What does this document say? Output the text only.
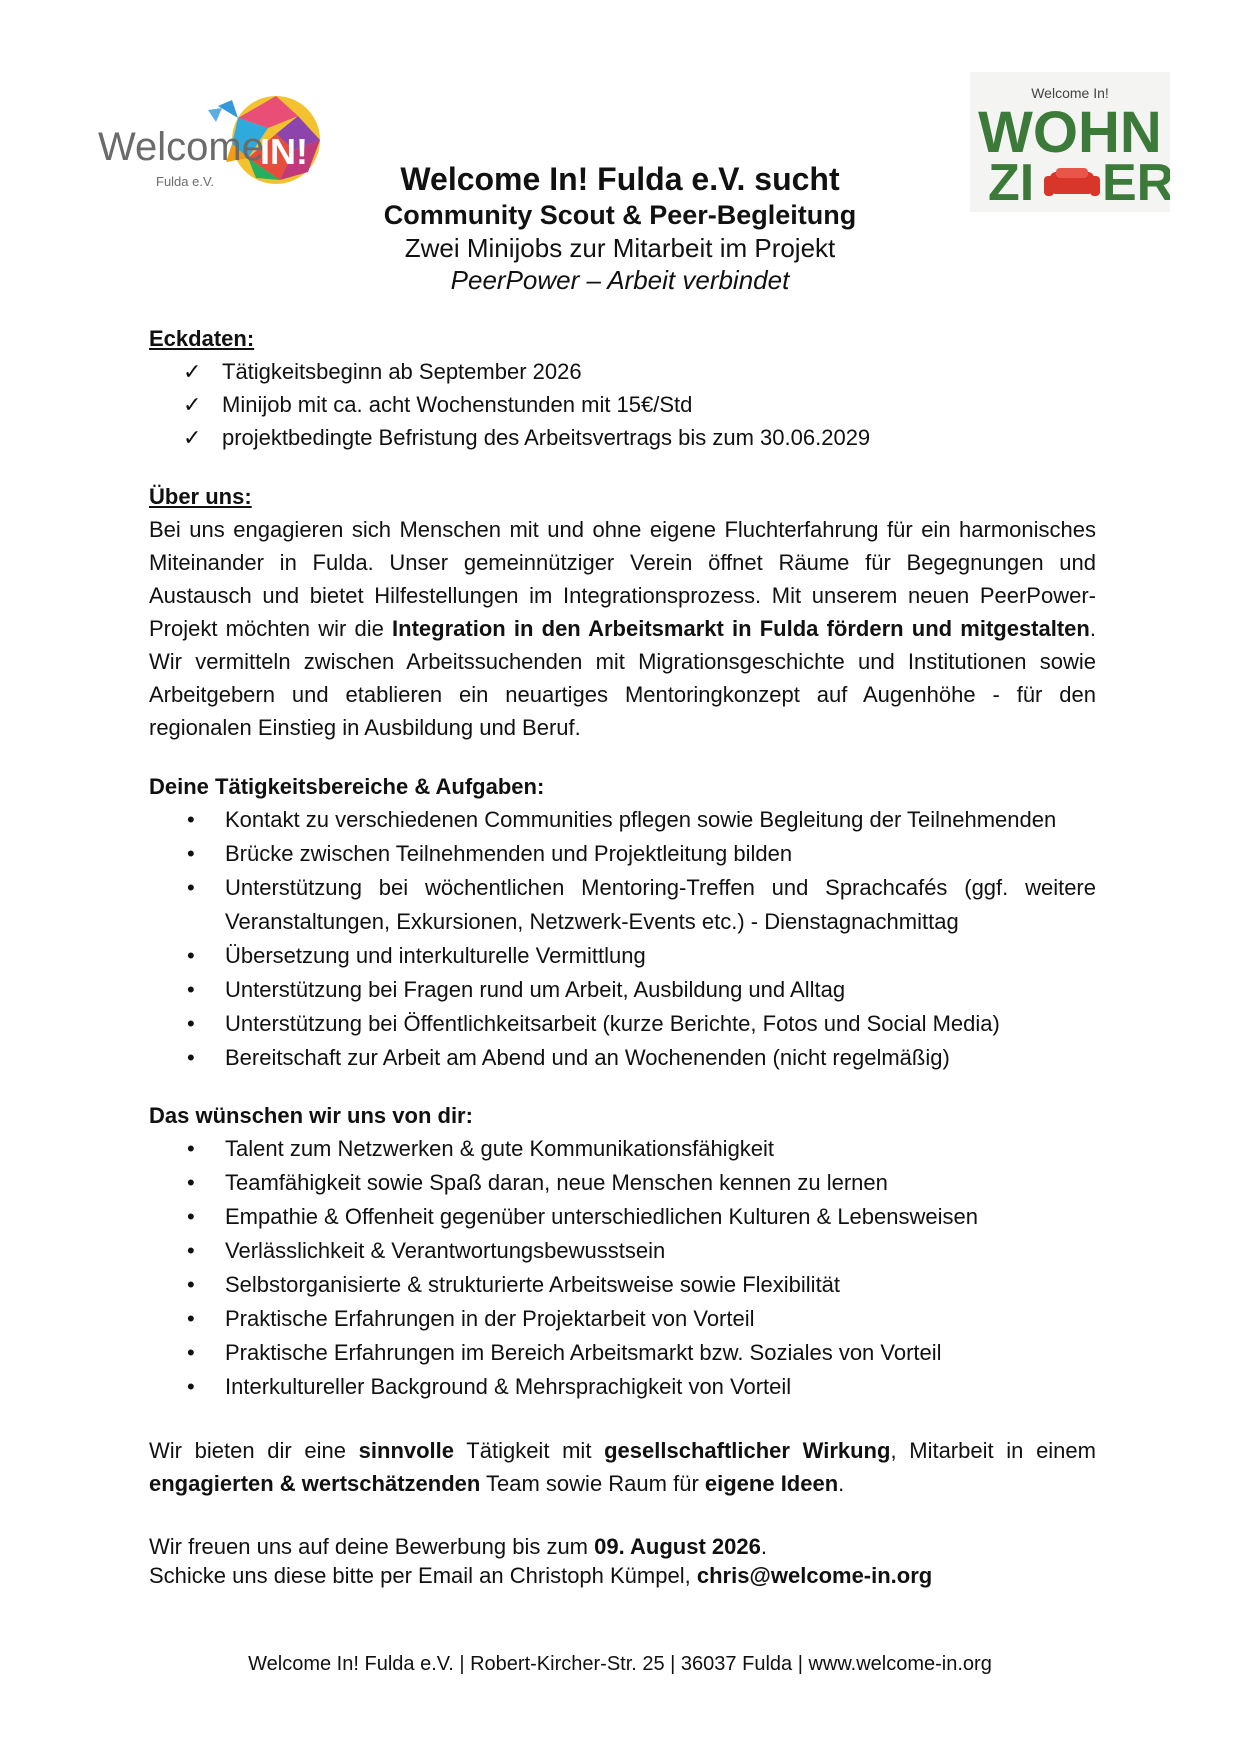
Welcome
IN!
Fulda e.V.
Welcome In!
WOHN
ZI ER
Welcome In! Fulda e.V. sucht
Community Scout & Peer-Begleitung
Zwei Minijobs zur Mitarbeit im Projekt
PeerPower – Arbeit verbindet
Eckdaten:
✓ Tätigkeitsbeginn ab September 2026
✓ Minijob mit ca. acht Wochenstunden mit 15€/Std
✓ projektbedingte Befristung des Arbeitsvertrags bis zum 30.06.2029
Über uns:

Bei uns engagieren sich Menschen mit und ohne eigene Fluchterfahrung für ein harmonisches Miteinander in Fulda. Unser gemeinnütziger Verein öffnet Räume für Begegnungen und Austausch und bietet Hilfestellungen im Integrationsprozess. Mit unserem neuen PeerPower-Projekt möchten wir die Integration in den Arbeitsmarkt in Fulda fördern und mitgestalten. Wir vermitteln zwischen Arbeitssuchenden mit Migrationsgeschichte und Institutionen sowie Arbeitgebern und etablieren ein neuartiges Mentoringkonzept auf Augenhöhe - für den regionalen Einstieg in Ausbildung und Beruf.

Deine Tätigkeitsbereiche & Aufgaben:
• Kontakt zu verschiedenen Communities pflegen sowie Begleitung der Teilnehmenden
• Brücke zwischen Teilnehmenden und Projektleitung bilden
• Unterstützung bei wöchentlichen Mentoring-Treffen und Sprachcafés (ggf. weitere Veranstaltungen, Exkursionen, Netzwerk-Events etc.) - Dienstagnachmittag
• Übersetzung und interkulturelle Vermittlung
• Unterstützung bei Fragen rund um Arbeit, Ausbildung und Alltag
• Unterstützung bei Öffentlichkeitsarbeit (kurze Berichte, Fotos und Social Media)
• Bereitschaft zur Arbeit am Abend und an Wochenenden (nicht regelmäßig)
Das wünschen wir uns von dir:
• Talent zum Netzwerken & gute Kommunikationsfähigkeit
• Teamfähigkeit sowie Spaß daran, neue Menschen kennen zu lernen
• Empathie & Offenheit gegenüber unterschiedlichen Kulturen & Lebensweisen
• Verlässlichkeit & Verantwortungsbewusstsein
• Selbstorganisierte & strukturierte Arbeitsweise sowie Flexibilität
• Praktische Erfahrungen in der Projektarbeit von Vorteil
• Praktische Erfahrungen im Bereich Arbeitsmarkt bzw. Soziales von Vorteil
• Interkultureller Background & Mehrsprachigkeit von Vorteil

Wir bieten dir eine sinnvolle Tätigkeit mit gesellschaftlicher Wirkung, Mitarbeit in einem engagierten & wertschätzenden Team sowie Raum für eigene Ideen.

Wir freuen uns auf deine Bewerbung bis zum 09. August 2026.
Schicke uns diese bitte per Email an Christoph Kümpel, chris@welcome-in.org
Welcome In! Fulda e.V. | Robert-Kircher-Str. 25 | 36037 Fulda | www.welcome-in.org
